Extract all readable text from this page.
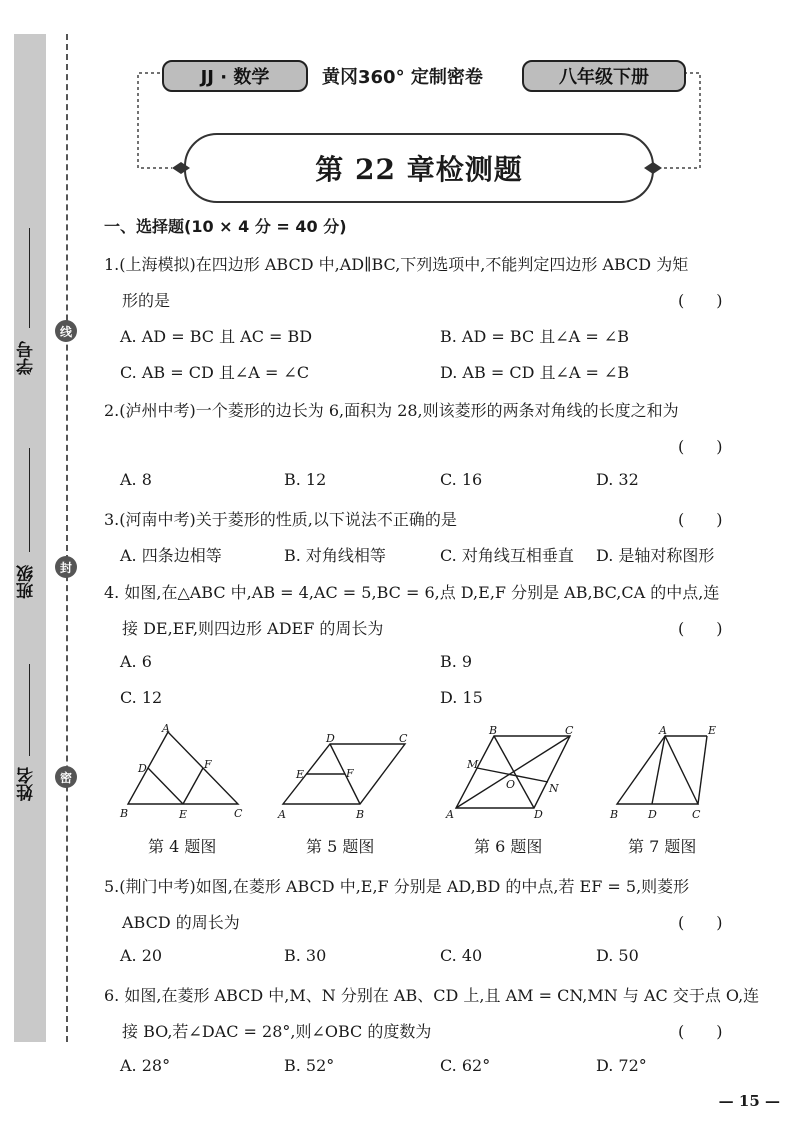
学号
班级
姓名
线
封
密
JJ · 数学	黄冈360° 定制密卷	八年级下册
第 22 章检测题
一、选择题(10 × 4 分 = 40 分)
1.(上海模拟)在四边形 ABCD 中,AD∥BC,下列选项中,不能判定四边形 ABCD 为矩
形的是	(　　)
A. AD = BC 且 AC = BD	B. AD = BC 且∠A = ∠B
C. AB = CD 且∠A = ∠C	D. AB = CD 且∠A = ∠B
2.(泸州中考)一个菱形的边长为 6,面积为 28,则该菱形的两条对角线的长度之和为
(　　)
A. 8	B. 12	C. 16	D. 32
3.(河南中考)关于菱形的性质,以下说法不正确的是	(　　)
A. 四条边相等	B. 对角线相等	C. 对角线互相垂直 D. 是轴对称图形
4. 如图,在△ABC 中,AB = 4,AC = 5,BC = 6,点 D,E,F 分别是 AB,BC,CA 的中点,连
接 DE,EF,则四边形 ADEF 的周长为	(　　)
A. 6	B. 9
C. 12	D. 15
A
B	C
D
E
F
A	B
C
D
E	F
A
B	C
D
M
N
O
A
B	C
D
E
第 4 题图	第 5 题图	第 6 题图	第 7 题图
5.(荆门中考)如图,在菱形 ABCD 中,E,F 分别是 AD,BD 的中点,若 EF = 5,则菱形
ABCD 的周长为	(　　)
A. 20	B. 30	C. 40	D. 50
6. 如图,在菱形 ABCD 中,M、N 分别在 AB、CD 上,且 AM = CN,MN 与 AC 交于点 O,连
接 BO,若∠DAC = 28°,则∠OBC 的度数为	(　　)
A. 28°	B. 52°	C. 62°	D. 72°
— 15 —
